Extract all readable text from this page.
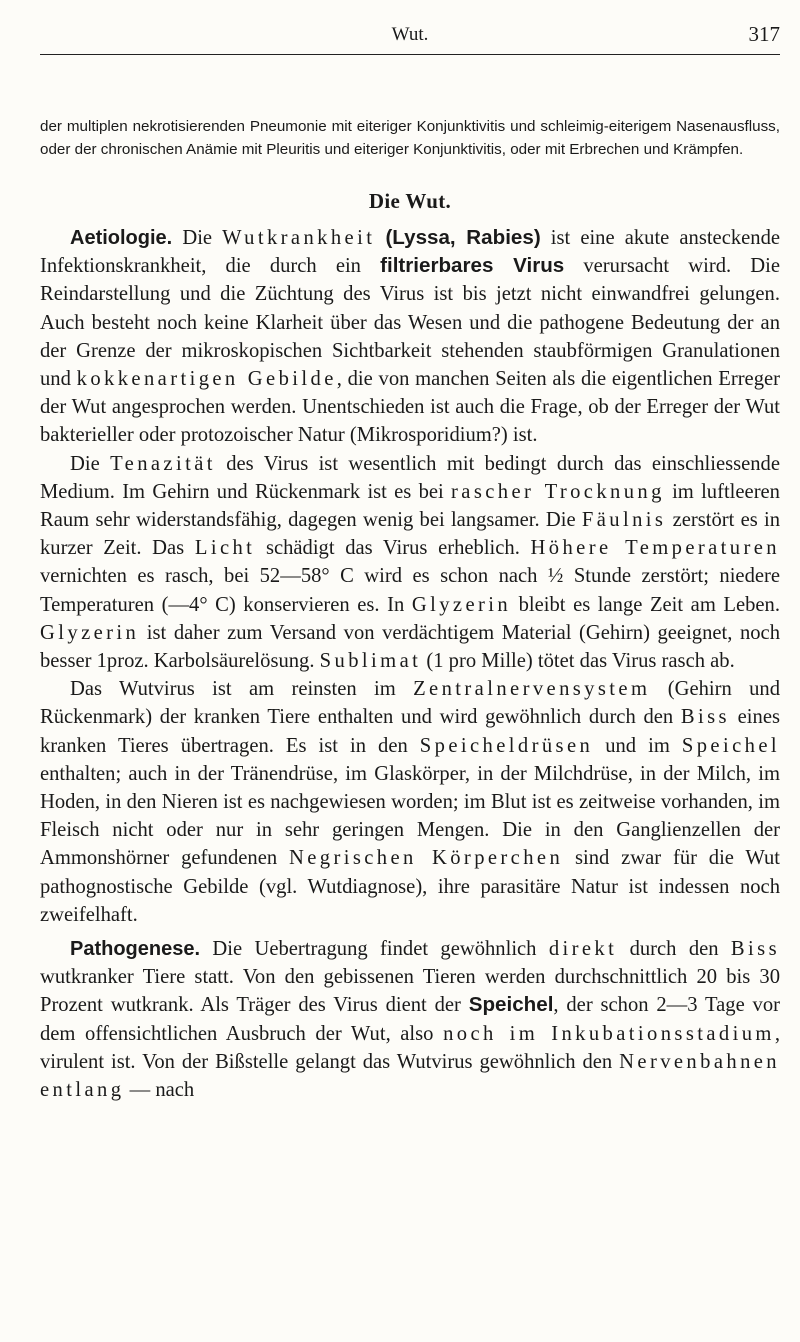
Wut.	317

der multiplen nekrotisierenden Pneumonie mit eiteriger Konjunktivitis und schleimig-eiterigem Nasenausfluss, oder der chronischen Anämie mit Pleuritis und eiteriger Konjunktivitis, oder mit Erbrechen und Krämpfen.

Die Wut.

Aetiologie. Die Wutkrankheit (Lyssa, Rabies) ist eine akute ansteckende Infektionskrankheit, die durch ein filtrierbares Virus verursacht wird. Die Reindarstellung und die Züchtung des Virus ist bis jetzt nicht einwandfrei gelungen. Auch besteht noch keine Klarheit über das Wesen und die pathogene Bedeutung der an der Grenze der mikroskopischen Sichtbarkeit stehenden staubförmigen Granulationen und kokkenartigen Gebilde, die von manchen Seiten als die eigentlichen Erreger der Wut angesprochen werden. Unentschieden ist auch die Frage, ob der Erreger der Wut bakterieller oder protozoischer Natur (Mikrosporidium?) ist.

Die Tenazität des Virus ist wesentlich mit bedingt durch das einschliessende Medium. Im Gehirn und Rückenmark ist es bei rascher Trocknung im luftleeren Raum sehr widerstandsfähig, dagegen wenig bei langsamer. Die Fäulnis zerstört es in kurzer Zeit. Das Licht schädigt das Virus erheblich. Höhere Temperaturen vernichten es rasch, bei 52—58° C wird es schon nach ½ Stunde zerstört; niedere Temperaturen (—4° C) konservieren es. In Glyzerin bleibt es lange Zeit am Leben. Glyzerin ist daher zum Versand von verdächtigem Material (Gehirn) geeignet, noch besser 1proz. Karbolsäurelösung. Sublimat (1 pro Mille) tötet das Virus rasch ab.

Das Wutvirus ist am reinsten im Zentralnervensystem (Gehirn und Rückenmark) der kranken Tiere enthalten und wird gewöhnlich durch den Biss eines kranken Tieres übertragen. Es ist in den Speicheldrüsen und im Speichel enthalten; auch in der Tränendrüse, im Glaskörper, in der Milchdrüse, in der Milch, im Hoden, in den Nieren ist es nachgewiesen worden; im Blut ist es zeitweise vorhanden, im Fleisch nicht oder nur in sehr geringen Mengen. Die in den Ganglienzellen der Ammonshörner gefundenen Negrischen Körperchen sind zwar für die Wut pathognostische Gebilde (vgl. Wutdiagnose), ihre parasitäre Natur ist indessen noch zweifelhaft.

Pathogenese. Die Uebertragung findet gewöhnlich direkt durch den Biss wutkranker Tiere statt. Von den gebissenen Tieren werden durchschnittlich 20 bis 30 Prozent wutkrank. Als Träger des Virus dient der Speichel, der schon 2—3 Tage vor dem offensichtlichen Ausbruch der Wut, also noch im Inkubationsstadium, virulent ist. Von der Bißstelle gelangt das Wutvirus gewöhnlich den Nervenbahnen entlang — nach
